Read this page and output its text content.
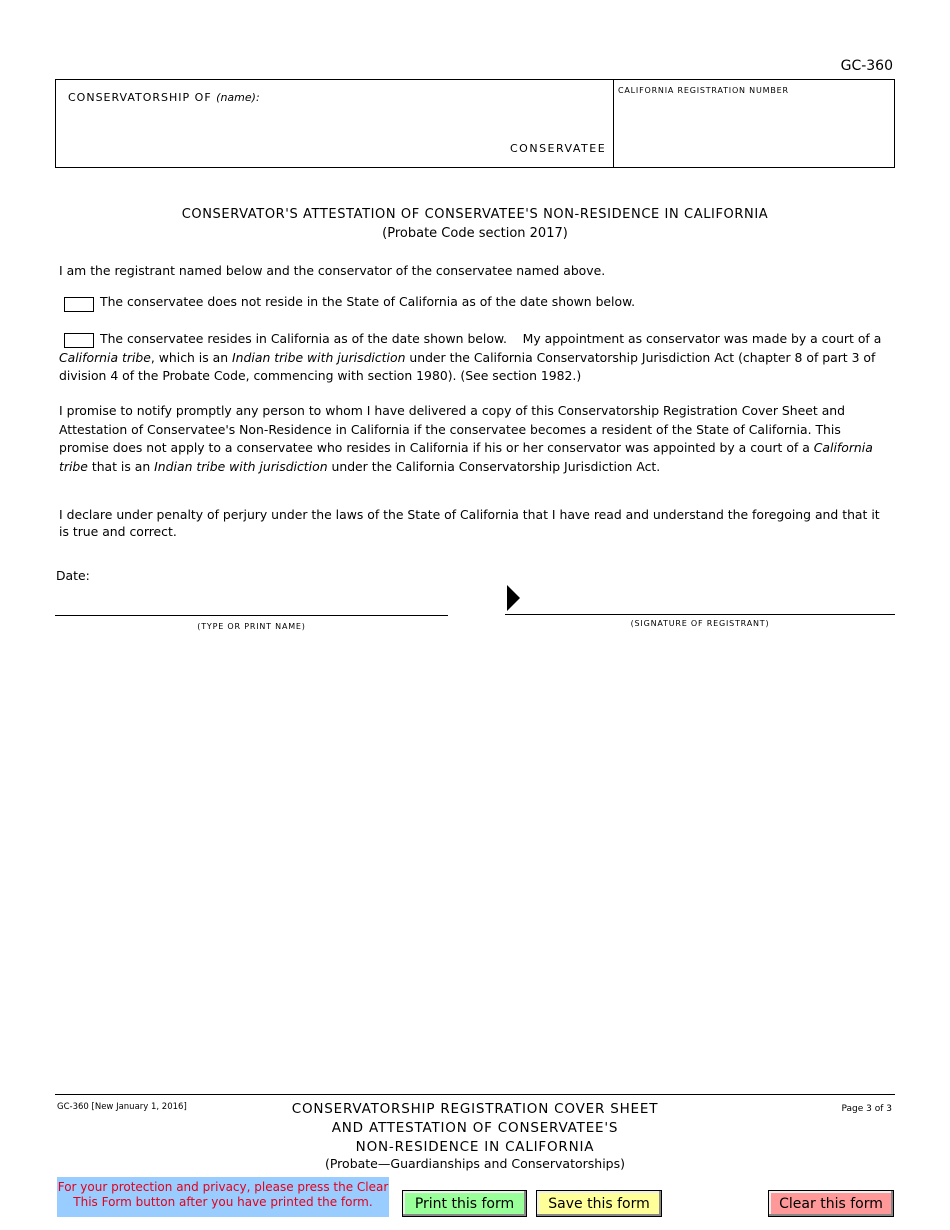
GC-360
CONSERVATORSHIP OF (name):
CONSERVATEE
CALIFORNIA REGISTRATION NUMBER
CONSERVATOR'S ATTESTATION OF CONSERVATEE'S NON-RESIDENCE IN CALIFORNIA
(Probate Code section 2017)
I am the registrant named below and the conservator of the conservatee named above.
The conservatee does not reside in the State of California as of the date shown below.
The conservatee resides in California as of the date shown below.    My appointment as conservator was made by a court of a California tribe, which is an Indian tribe with jurisdiction under the California Conservatorship Jurisdiction Act (chapter 8 of part 3 of division 4 of the Probate Code, commencing with section 1980). (See section 1982.)
I promise to notify promptly any person to whom I have delivered a copy of this Conservatorship Registration Cover Sheet and Attestation of Conservatee's Non-Residence in California if the conservatee becomes a resident of the State of California. This promise does not apply to a conservatee who resides in California if his or her conservator was appointed by a court of a California tribe that is an Indian tribe with jurisdiction under the California Conservatorship Jurisdiction Act.
I declare under penalty of perjury under the laws of the State of California that I have read and understand the foregoing and that it is true and correct.
Date:
(TYPE OR PRINT NAME)	(SIGNATURE OF REGISTRANT)
GC-360 [New January 1, 2016]	CONSERVATORSHIP REGISTRATION COVER SHEET
AND ATTESTATION OF CONSERVATEE'S
NON-RESIDENCE IN CALIFORNIA
(Probate—Guardianships and Conservatorships)
Page 3 of 3
For your protection and privacy, please press the Clear This Form button after you have printed the form.	Print this form	Save this form	Clear this form
